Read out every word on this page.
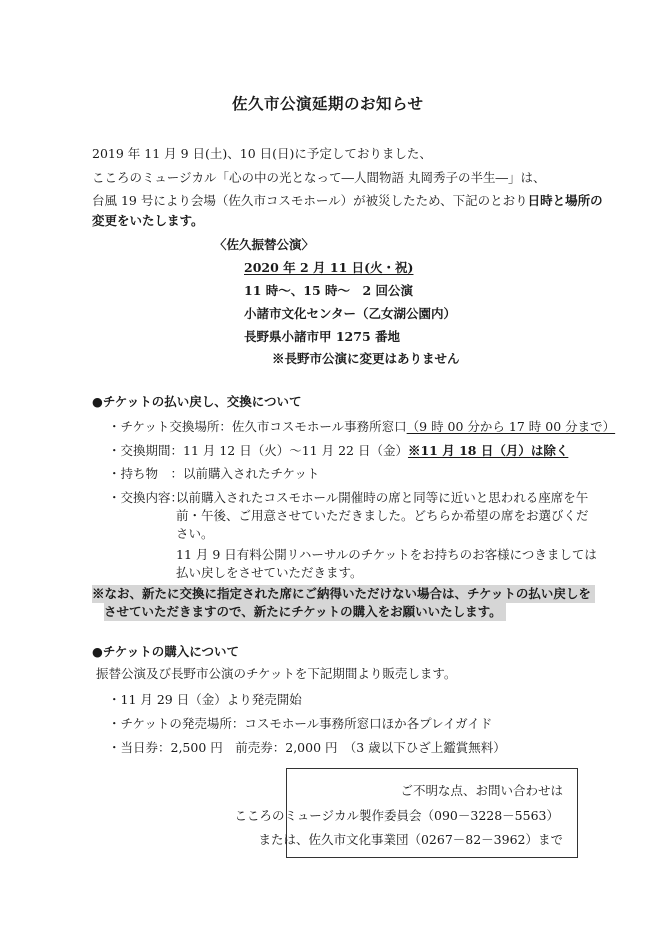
佐久市公演延期のお知らせ
2019 年 11 月 9 日(土)、10 日(日)に予定しておりました、
こころのミュージカル「心の中の光となって―人間物語 丸岡秀子の半生―」は、
台風 19 号により会場（佐久市コスモホール）が被災したため、下記のとおり日時と場所の
変更をいたします。
〈佐久振替公演〉
2020 年 2 月 11 日(火・祝)
11 時～、15 時～　2 回公演
小諸市文化センター（乙女湖公園内）
長野県小諸市甲 1275 番地
※長野市公演に変更はありません
●チケットの払い戻し、交換について
・チケット交換場所：佐久市コスモホール事務所窓口（9 時 00 分から 17 時 00 分まで）
・交換期間：11 月 12 日（火）～11 月 22 日（金）※11 月 18 日（月）は除く
・持ち物　：以前購入されたチケット
・交換内容：
以前購入されたコスモホール開催時の席と同等に近いと思われる座席を午
前・午後、ご用意させていただきました。どちらか希望の席をお選びくだ
さい。
11 月 9 日有料公開リハーサルのチケットをお持ちのお客様につきましては
払い戻しをさせていただきます。
※なお、新たに交換に指定された席にご納得いただけない場合は、チケットの払い戻しを
させていただきますので、新たにチケットの購入をお願いいたします。
●チケットの購入について
振替公演及び長野市公演のチケットを下記期間より販売します。
・11 月 29 日（金）より発売開始
・チケットの発売場所：コスモホール事務所窓口ほか各プレイガイド
・当日券：2,500 円　前売券：2,000 円　（3 歳以下ひざ上鑑賞無料）
ご不明な点、お問い合わせは
こころのミュージカル製作委員会（090－3228－5563）
または、佐久市文化事業団（0267－82－3962）まで
